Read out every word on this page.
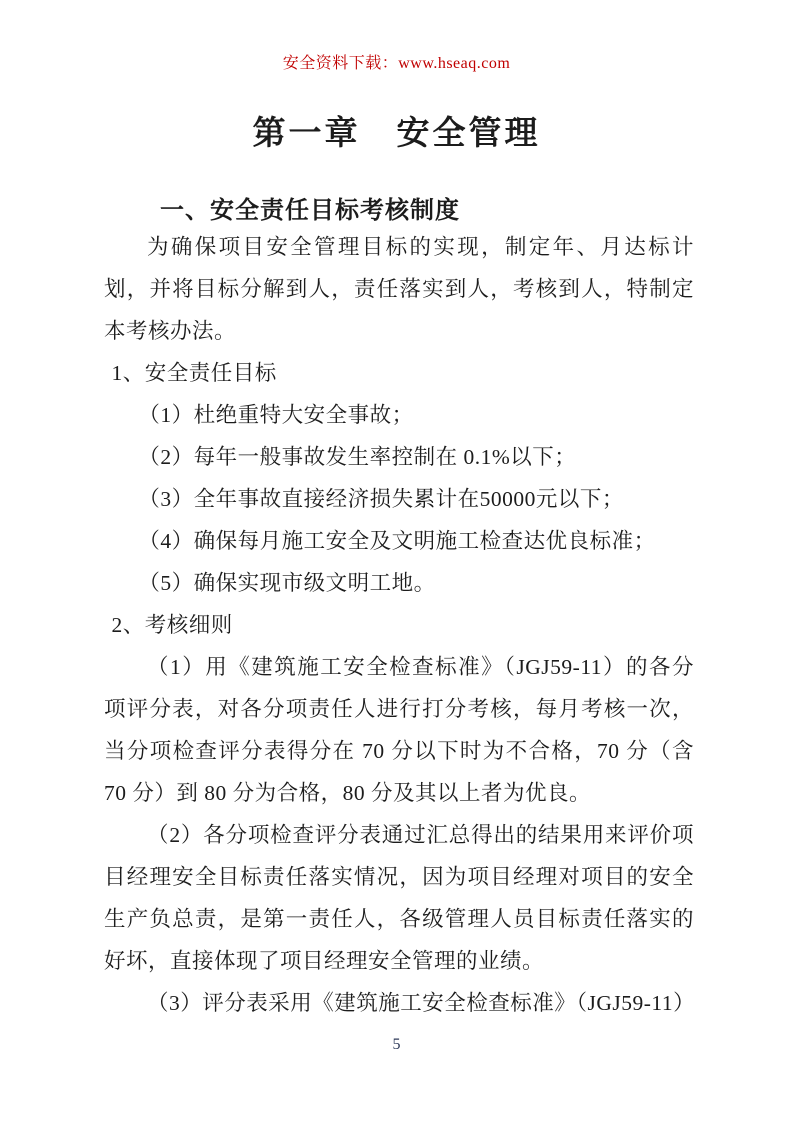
安全资料下载：www.hseaq.com
第一章　安全管理
一、安全责任目标考核制度

为确保项目安全管理目标的实现，制定年、月达标计划，并将目标分解到人，责任落实到人，考核到人，特制定本考核办法。

1、安全责任目标

（1）杜绝重特大安全事故；

（2）每年一般事故发生率控制在 0.1%以下；

（3）全年事故直接经济损失累计在50000元以下；

（4）确保每月施工安全及文明施工检查达优良标准；

（5）确保实现市级文明工地。

2、考核细则

（1）用《建筑施工安全检查标准》（JGJ59-11）的各分项评分表，对各分项责任人进行打分考核，每月考核一次，当分项检查评分表得分在 70 分以下时为不合格，70 分（含 70 分）到 80 分为合格，80 分及其以上者为优良。

（2）各分项检查评分表通过汇总得出的结果用来评价项目经理安全目标责任落实情况，因为项目经理对项目的安全生产负总责，是第一责任人，各级管理人员目标责任落实的好坏，直接体现了项目经理安全管理的业绩。

（3）评分表采用《建筑施工安全检查标准》（JGJ59-11）

5
